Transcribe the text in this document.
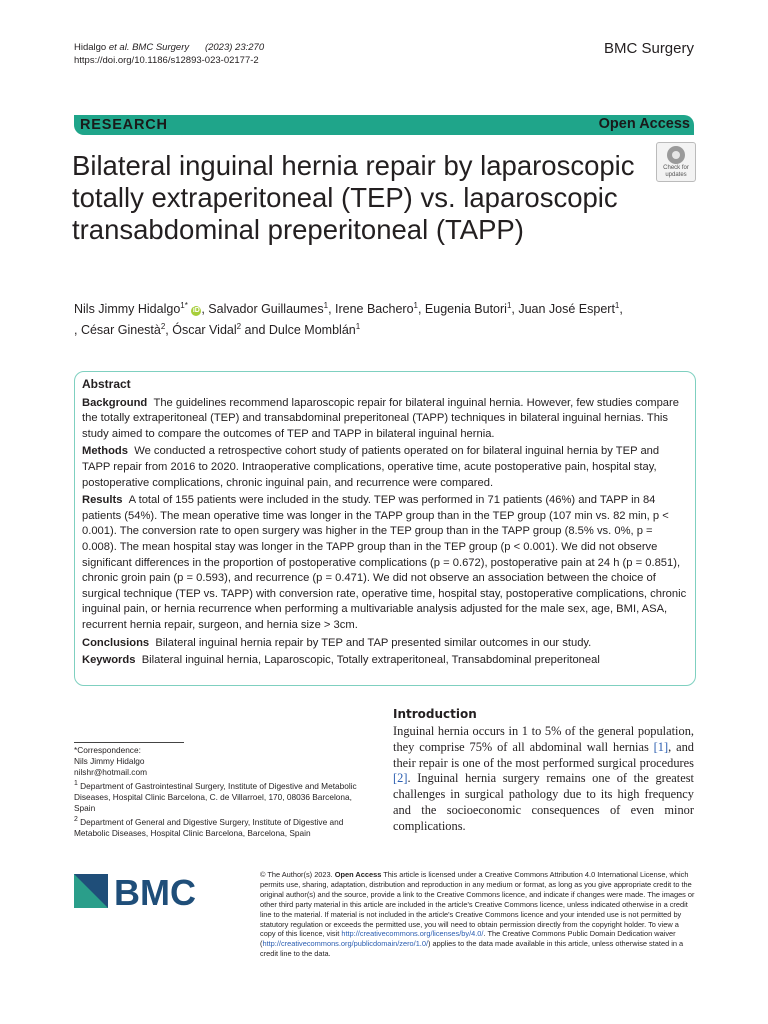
Hidalgo et al. BMC Surgery (2023) 23:270
https://doi.org/10.1186/s12893-023-02177-2
BMC Surgery
RESEARCH	Open Access
Bilateral inguinal hernia repair by laparoscopic totally extraperitoneal (TEP) vs. laparoscopic transabdominal preperitoneal (TAPP)
Check for
updates
Nils Jimmy Hidalgo$^{1*}$ iD , Salvador Guillaumes$^1$, Irene Bachero$^1$, Eugenia Butori$^1$, Juan José Espert$^1$,
, César Ginestà$^2$, Óscar Vidal$^2$ and Dulce Momblán$^1$
Abstract

Background The guidelines recommend laparoscopic repair for bilateral inguinal hernia. However, few studies compare the totally extraperitoneal (TEP) and transabdominal preperitoneal (TAPP) techniques in bilateral inguinal hernias. This study aimed to compare the outcomes of TEP and TAPP in bilateral inguinal hernia.

Methods We conducted a retrospective cohort study of patients operated on for bilateral inguinal hernia by TEP and TAPP repair from 2016 to 2020. Intraoperative complications, operative time, acute postoperative pain, hospital stay, postoperative complications, chronic inguinal pain, and recurrence were compared.

Results A total of 155 patients were included in the study. TEP was performed in 71 patients (46%) and TAPP in 84 patients (54%). The mean operative time was longer in the TAPP group than in the TEP group (107 min vs. 82 min, p < 0.001). The conversion rate to open surgery was higher in the TEP group than in the TAPP group (8.5% vs. 0%, p = 0.008). The mean hospital stay was longer in the TAPP group than in the TEP group (p < 0.001). We did not observe significant differences in the proportion of postoperative complications (p = 0.672), postoperative pain at 24 h (p = 0.851), chronic groin pain (p = 0.593), and recurrence (p = 0.471). We did not observe an association between the choice of surgical technique (TEP vs. TAPP) with conversion rate, operative time, hospital stay, postoperative complications, chronic inguinal pain, or hernia recurrence when performing a multivariable analysis adjusted for the male sex, age, BMI, ASA, recurrent hernia repair, surgeon, and hernia size > 3cm.

Conclusions Bilateral inguinal hernia repair by TEP and TAP presented similar outcomes in our study.

Keywords Bilateral inguinal hernia, Laparoscopic, Totally extraperitoneal, Transabdominal preperitoneal

*Correspondence:

Nils Jimmy Hidalgo

nilshr@hotmail.com

$^1$ Department of Gastrointestinal Surgery, Institute of Digestive and Metabolic Diseases, Hospital Clinic Barcelona, C. de Villarroel, 170, 08036 Barcelona, Spain

$^2$ Department of General and Digestive Surgery, Institute of Digestive and Metabolic Diseases, Hospital Clinic Barcelona, Barcelona, Spain

Introduction
Inguinal hernia occurs in 1 to 5% of the general population, they comprise 75% of all abdominal wall hernias [1], and their repair is one of the most performed surgical procedures [2]. Inguinal hernia surgery remains one of the greatest challenges in surgical pathology due to its high frequency and the socioeconomic consequences of even minor complications.
BMC	© The Author(s) 2023. Open Access This article is licensed under a Creative Commons Attribution 4.0 International License, which permits use, sharing, adaptation, distribution and reproduction in any medium or format, as long as you give appropriate credit to the original author(s) and the source, provide a link to the Creative Commons licence, and indicate if changes were made. The images or other third party material in this article are included in the article's Creative Commons licence, unless indicated otherwise in a credit line to the material. If material is not included in the article's Creative Commons licence and your intended use is not permitted by statutory regulation or exceeds the permitted use, you will need to obtain permission directly from the copyright holder. To view a copy of this licence, visit http://creativecommons.org/licenses/by/4.0/. The Creative Commons Public Domain Dedication waiver (http://creativecommons.org/publicdomain/zero/1.0/) applies to the data made available in this article, unless otherwise stated in a credit line to the data.
